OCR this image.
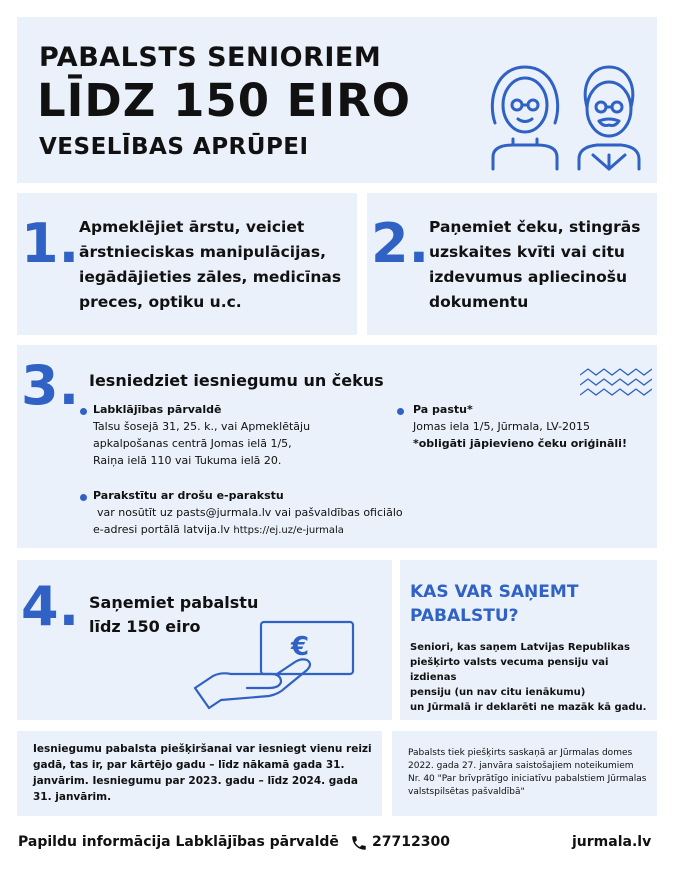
PABALSTS SENIORIEM
LĪDZ 150 EIRO
VESELĪBAS APRŪPEI
1. Apmeklējiet ārstu, veiciet ārstnieciskas manipulācijas, iegādājieties zāles, medicīnas preces, optiku u.c.
2. Paņemiet čeku, stingrās uzskaites kvīti vai citu izdevumus apliecinošu dokumentu
3. Iesniedziet iesniegumu un čekus
Labklājības pārvaldē
Talsu šosejā 31, 25. k., vai Apmeklētāju
apkalpošanas centrā Jomas ielā 1/5,
Raiņa ielā 110 vai Tukuma ielā 20.
Parakstītu ar drošu e-parakstu
var nosūtīt uz pasts@jurmala.lv vai pašvaldības oficiālo
e-adresi portālā latvija.lv https://ej.uz/e-jurmala
Pa pastu*
Jomas iela 1/5, Jūrmala, LV-2015
*obligāti jāpievieno čeku oriģināli!
4. Saņemiet pabalstu
līdz 150 eiro
€
KAS VAR SAŅEMT
PABALSTU?
Seniori, kas saņem Latvijas Republikas
piešķirto valsts vecuma pensiju vai izdienas
pensiju (un nav citu ienākumu)
un Jūrmalā ir deklarēti ne mazāk kā gadu.
Iesniegumu pabalsta piešķiršanai var iesniegt vienu reizi gadā, tas ir, par kārtējo gadu – līdz nākamā gada 31. janvārim. Iesniegumu par 2023. gadu – līdz 2024. gada 31. janvārim.
Pabalsts tiek piešķirts saskaņā ar Jūrmalas domes 2022. gada 27. janvāra saistošajiem noteikumiem Nr. 40 "Par brīvprātīgo iniciatīvu pabalstiem Jūrmalas valstspilsētas pašvaldībā"
Papildu informācija Labklājības pārvaldē 27712300	jurmala.lv
